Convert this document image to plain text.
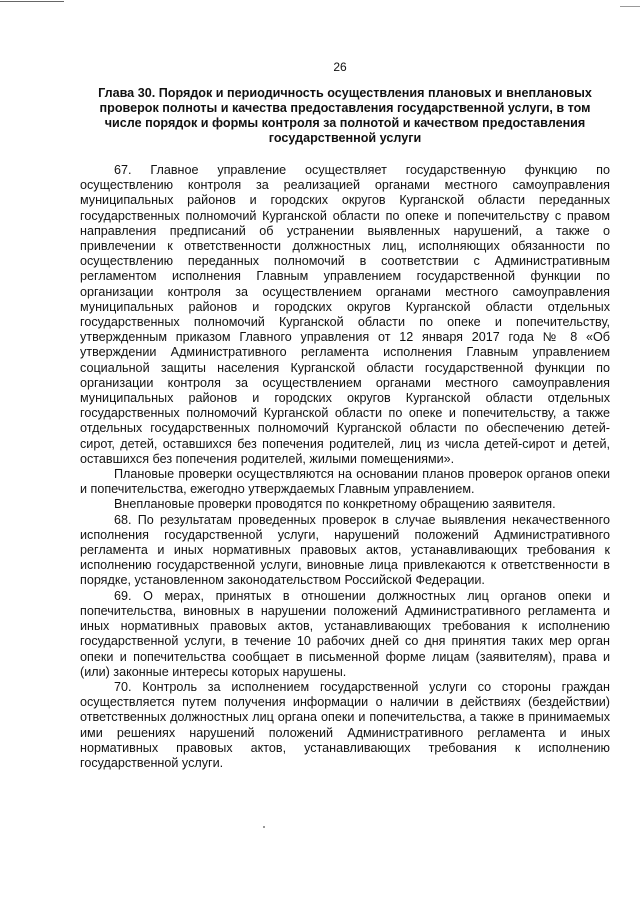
26
Глава 30. Порядок и периодичность осуществления плановых и внеплановых проверок полноты и качества предоставления государственной услуги, в том числе порядок и формы контроля за полнотой и качеством предоставления государственной услуги

67. Главное управление осуществляет государственную функцию по осуществлению контроля за реализацией органами местного самоуправления муниципальных районов и городских округов Курганской области переданных государственных полномочий Курганской области по опеке и попечительству с правом направления предписаний об устранении выявленных нарушений, а также о привлечении к ответственности должностных лиц, исполняющих обязанности по осуществлению переданных полномочий в соответствии с Административным регламентом исполнения Главным управлением государственной функции по организации контроля за осуществлением органами местного самоуправления муниципальных районов и городских округов Курганской области отдельных государственных полномочий Курганской области по опеке и попечительству, утвержденным приказом Главного управления от 12 января 2017 года № 8 «Об утверждении Административного регламента исполнения Главным управлением социальной защиты населения Курганской области государственной функции по организации контроля за осуществлением органами местного самоуправления муниципальных районов и городских округов Курганской области отдельных государственных полномочий Курганской области по опеке и попечительству, а также отдельных государственных полномочий Курганской области по обеспечению детей-сирот, детей, оставшихся без попечения родителей, лиц из числа детей-сирот и детей, оставшихся без попечения родителей, жилыми помещениями».

Плановые проверки осуществляются на основании планов проверок органов опеки и попечительства, ежегодно утверждаемых Главным управлением.

Внеплановые проверки проводятся по конкретному обращению заявителя.

68. По результатам проведенных проверок в случае выявления некачественного исполнения государственной услуги, нарушений положений Административного регламента и иных нормативных правовых актов, устанавливающих требования к исполнению государственной услуги, виновные лица привлекаются к ответственности в порядке, установленном законодательством Российской Федерации.

69. О мерах, принятых в отношении должностных лиц органов опеки и попечительства, виновных в нарушении положений Административного регламента и иных нормативных правовых актов, устанавливающих требования к исполнению государственной услуги, в течение 10 рабочих дней со дня принятия таких мер орган опеки и попечительства сообщает в письменной форме лицам (заявителям), права и (или) законные интересы которых нарушены.

70. Контроль за исполнением государственной услуги со стороны граждан осуществляется путем получения информации о наличии в действиях (бездействии) ответственных должностных лиц органа опеки и попечительства, а также в принимаемых ими решениях нарушений положений Административного регламента и иных нормативных правовых актов, устанавливающих требования к исполнению государственной услуги.
